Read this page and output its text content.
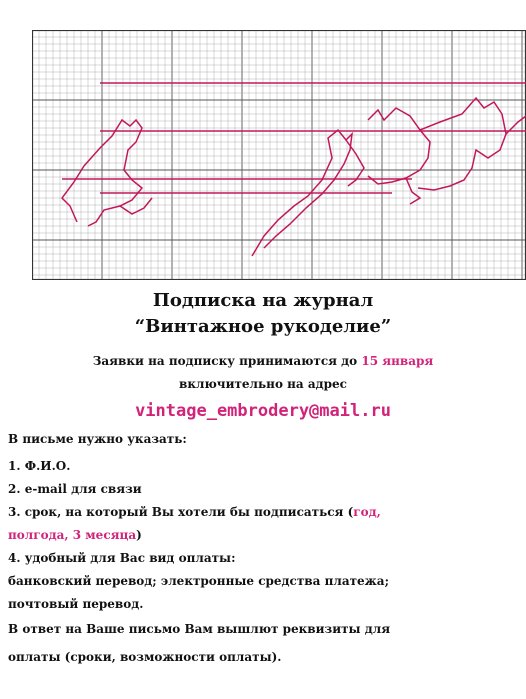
Подписка на журнал
“Винтажное рукоделие”
Заявки на подписку принимаются до 15 января
включительно на адрес
vintage_embrodery@mail.ru
В письме нужно указать:
1. Ф.И.О.
2. e-mail для связи
3. срок, на который Вы хотели бы подписаться (год,
полгода, 3 месяца)
4. удобный для Вас вид оплаты:
банковский перевод; электронные средства платежа;
почтовый перевод.
В ответ на Ваше письмо Вам вышлют реквизиты для
оплаты (сроки, возможности оплаты).
